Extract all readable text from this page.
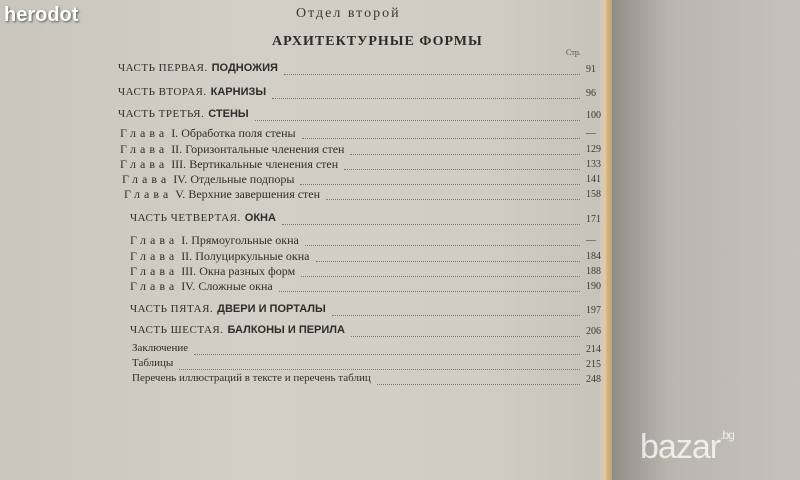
herodot
bazar$^{.bg}$
Отдел второй
АРХИТЕКТУРНЫЕ ФОРМЫ
Стр.
ЧАСТЬ ПЕРВАЯ. ПОДНОЖИЯ	91
ЧАСТЬ ВТОРАЯ. КАРНИЗЫ	96
ЧАСТЬ ТРЕТЬЯ. СТЕНЫ	100
Глава I. Обработка поля стены	—
Глава II. Горизонтальные членения стен	129
Глава III. Вертикальные членения стен	133
Глава IV. Отдельные подпоры	141
Глава V. Верхние завершения стен	158
ЧАСТЬ ЧЕТВЕРТАЯ. ОКНА	171
Глава I. Прямоугольные окна	—
Глава II. Полуциркульные окна	184
Глава III. Окна разных форм	188
Глава IV. Сложные окна	190
ЧАСТЬ ПЯТАЯ. ДВЕРИ И ПОРТАЛЫ	197
ЧАСТЬ ШЕСТАЯ. БАЛКОНЫ И ПЕРИЛА	206
Заключение	214
Таблицы	215
Перечень иллюстраций в тексте и перечень таблиц	248
